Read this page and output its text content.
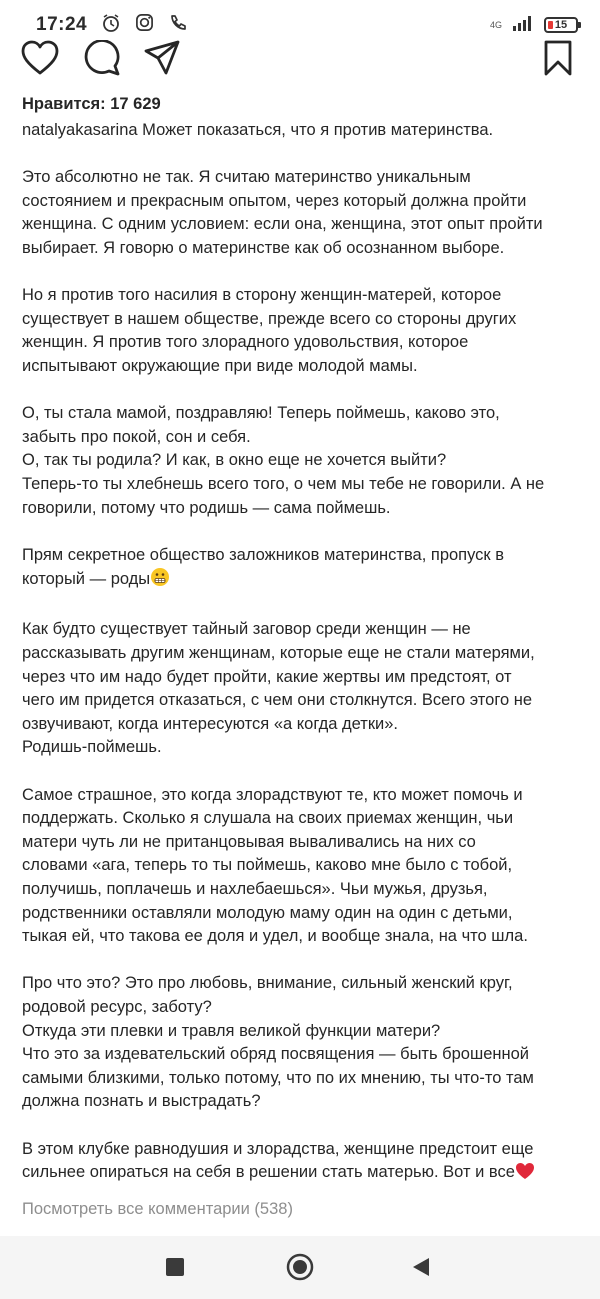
17:24	4G	15
Нравится: 17 629

natalyakasarina Может показаться, что я против материнства.

Это абсолютно не так. Я считаю материнство уникальным
состоянием и прекрасным опытом, через который должна пройти
женщина. С одним условием: если она, женщина, этот опыт пройти
выбирает. Я говорю о материнстве как об осознанном выборе.

Но я против того насилия в сторону женщин-матерей, которое
существует в нашем обществе, прежде всего со стороны других
женщин. Я против того злорадного удовольствия, которое
испытывают окружающие при виде молодой мамы.

О, ты стала мамой, поздравляю! Теперь поймешь, каково это,
забыть про покой, сон и себя.
О, так ты родила? И как, в окно еще не хочется выйти?
Теперь-то ты хлебнешь всего того, о чем мы тебе не говорили. А не
говорили, потому что родишь — сама поймешь.

Прям секретное общество заложников материнства, пропуск в
который — роды

Как будто существует тайный заговор среди женщин — не
рассказывать другим женщинам, которые еще не стали матерями,
через что им надо будет пройти, какие жертвы им предстоят, от
чего им придется отказаться, с чем они столкнутся. Всего этого не
озвучивают, когда интересуются «а когда детки».
Родишь-поймешь.

Самое страшное, это когда злорадствуют те, кто может помочь и
поддержать. Сколько я слушала на своих приемах женщин, чьи
матери чуть ли не пританцовывая вываливались на них со
словами «ага, теперь то ты поймешь, каково мне было с тобой,
получишь, поплачешь и нахлебаешься». Чьи мужья, друзья,
родственники оставляли молодую маму один на один с детьми,
тыкая ей, что такова ее доля и удел, и вообще знала, на что шла.

Про что это? Это про любовь, внимание, сильный женский круг,
родовой ресурс, заботу?
Откуда эти плевки и травля великой функции матери?
Что это за издевательский обряд посвящения — быть брошенной
самыми близкими, только потому, что по их мнению, ты что-то там
должна познать и выстрадать?

В этом клубке равнодушия и злорадства, женщине предстоит еще
сильнее опираться на себя в решении стать матерью. Вот и все

Посмотреть все комментарии (538)
